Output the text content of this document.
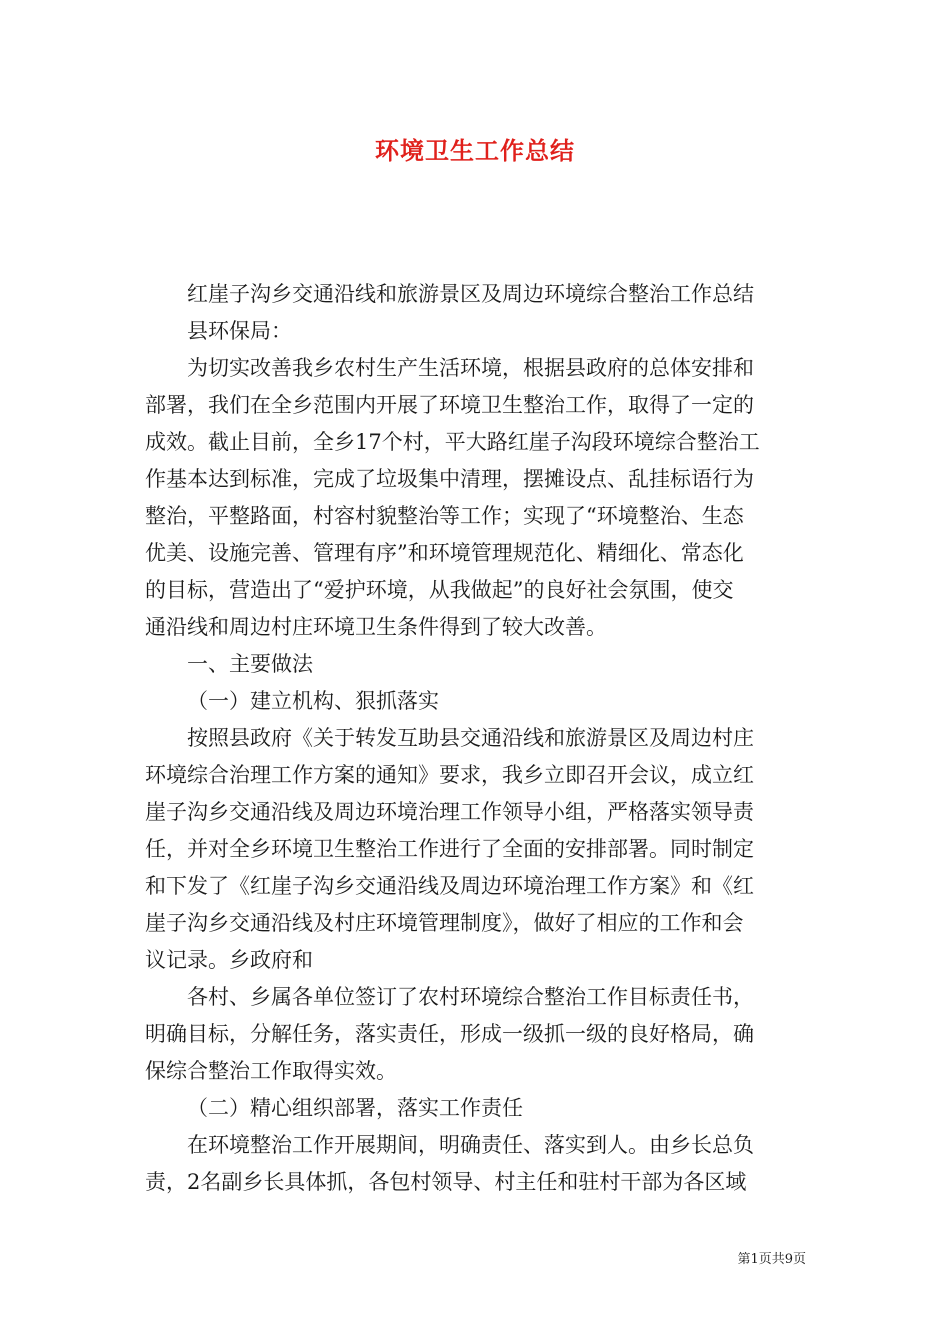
环境卫生工作总结

红崖子沟乡交通沿线和旅游景区及周边环境综合整治工作总结

县环保局：

为切实改善我乡农村生产生活环境，根据县政府的总体安排和
部署，我们在全乡范围内开展了环境卫生整治工作，取得了一定的
成效。截止目前，全乡17个村，平大路红崖子沟段环境综合整治工
作基本达到标准，完成了垃圾集中清理，摆摊设点、乱挂标语行为
整治，平整路面，村容村貌整治等工作；实现了“环境整治、生态
优美、设施完善、管理有序”和环境管理规范化、精细化、常态化
的目标，营造出了“爱护环境，从我做起”的良好社会氛围，使交
通沿线和周边村庄环境卫生条件得到了较大改善。

一、主要做法

（一）建立机构、狠抓落实

按照县政府《关于转发互助县交通沿线和旅游景区及周边村庄
环境综合治理工作方案的通知》要求，我乡立即召开会议，成立红
崖子沟乡交通沿线及周边环境治理工作领导小组，严格落实领导责
任，并对全乡环境卫生整治工作进行了全面的安排部署。同时制定
和下发了《红崖子沟乡交通沿线及周边环境治理工作方案》和《红
崖子沟乡交通沿线及村庄环境管理制度》，做好了相应的工作和会
议记录。乡政府和

各村、乡属各单位签订了农村环境综合整治工作目标责任书，
明确目标，分解任务，落实责任，形成一级抓一级的良好格局，确
保综合整治工作取得实效。

（二）精心组织部署，落实工作责任

在环境整治工作开展期间，明确责任、落实到人。由乡长总负
责，2名副乡长具体抓，各包村领导、村主任和驻村干部为各区域

第1页共9页
